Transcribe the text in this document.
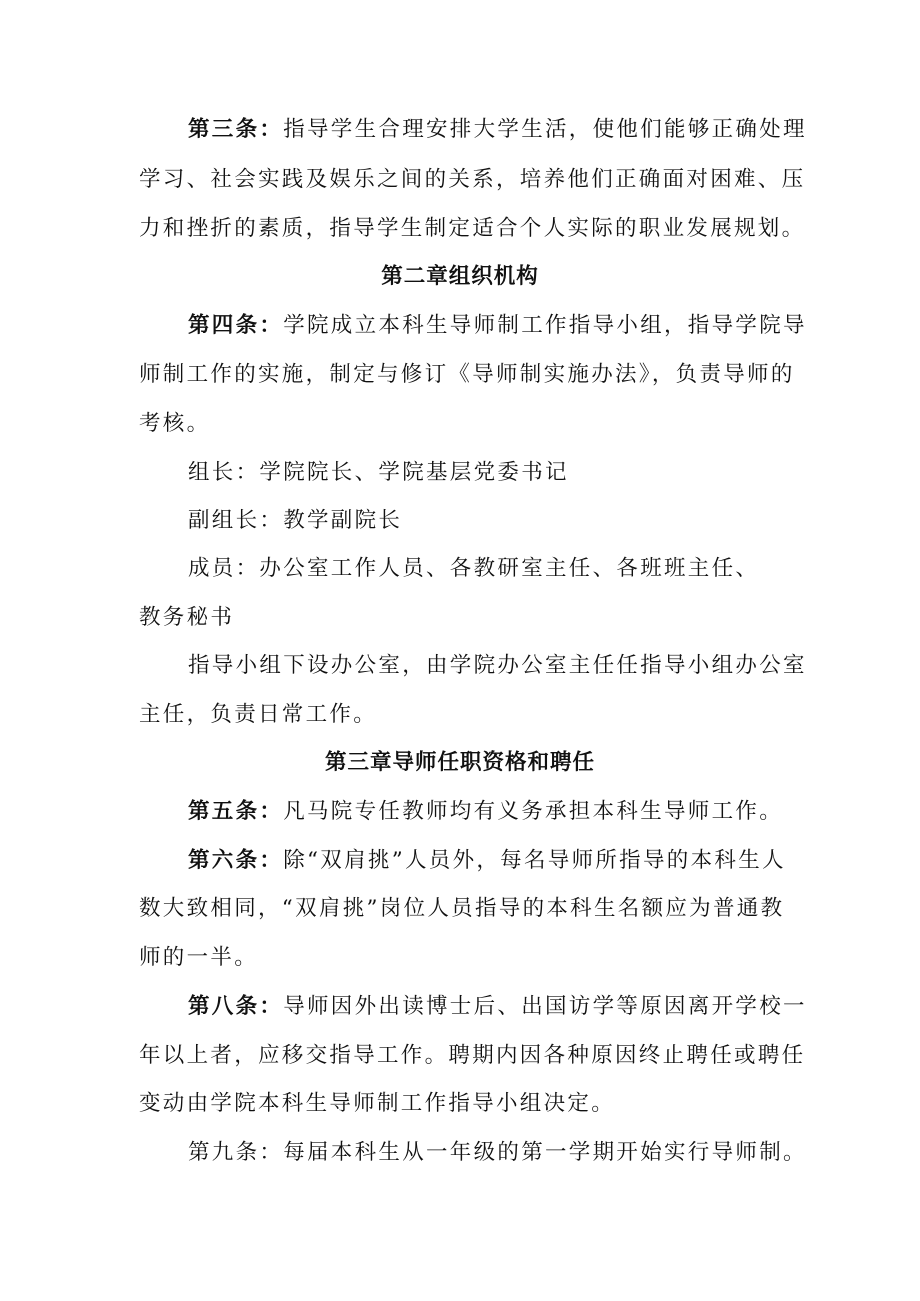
第三条：指导学生合理安排大学生活，使他们能够正确处理
学习、社会实践及娱乐之间的关系，培养他们正确面对困难、压
力和挫折的素质，指导学生制定适合个人实际的职业发展规划。
第二章组织机构
第四条：学院成立本科生导师制工作指导小组，指导学院导
师制工作的实施，制定与修订《导师制实施办法》，负责导师的
考核。
组长：学院院长、学院基层党委书记
副组长：教学副院长
成员：办公室工作人员、各教研室主任、各班班主任、
教务秘书
指导小组下设办公室，由学院办公室主任任指导小组办公室
主任，负责日常工作。
第三章导师任职资格和聘任
第五条：凡马院专任教师均有义务承担本科生导师工作。
第六条：除“双肩挑”人员外，每名导师所指导的本科生人
数大致相同，“双肩挑”岗位人员指导的本科生名额应为普通教
师的一半。
第八条：导师因外出读博士后、出国访学等原因离开学校一
年以上者，应移交指导工作。聘期内因各种原因终止聘任或聘任
变动由学院本科生导师制工作指导小组决定。
第九条：每届本科生从一年级的第一学期开始实行导师制。
